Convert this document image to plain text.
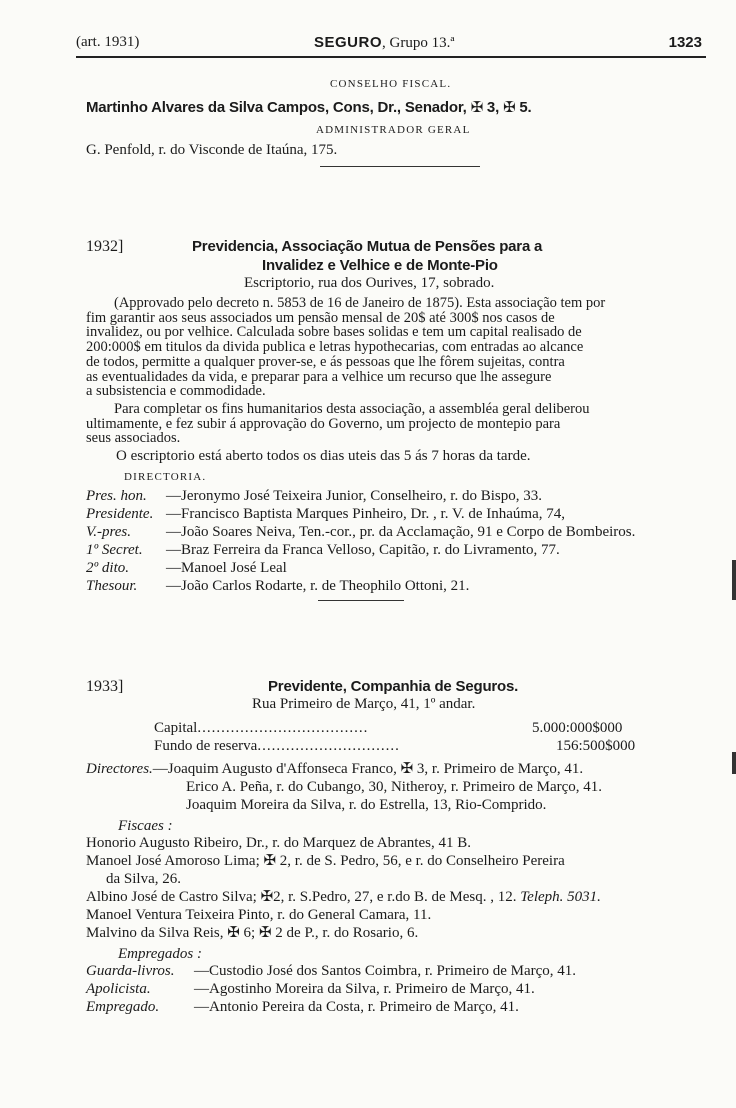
(art. 1931)	SEGURO, Grupo 13.ª	1323
CONSELHO FISCAL.
Martinho Alvares da Silva Campos, Cons, Dr., Senador, ✠ 3, ✠ 5.
ADMINISTRADOR GERAL
G. Penfold, r. do Visconde de Itaúna, 175.
1932]	Previdencia, Associação Mutua de Pensões para a
Invalidez e Velhice e de Monte-Pio
Escriptorio, rua dos Ourives, 17, sobrado.
(Approvado pelo decreto n. 5853 de 16 de Janeiro de 1875). Esta associação tem por
fim garantir aos seus associados um pensão mensal de 20$ até 300$ nos casos de
invalidez, ou por velhice. Calculada sobre bases solidas e tem um capital realisado de
200:000$ em titulos da divida publica e letras hypothecarias, com entradas ao alcance
de todos, permitte a qualquer prover-se, e ás pessoas que lhe fôrem sujeitas, contra
as eventualidades da vida, e preparar para a velhice um recurso que lhe assegure
a subsistencia e commodidade.
Para completar os fins humanitarios desta associação, a assembléa geral deliberou
ultimamente, e fez subir á approvação do Governo, um projecto de montepio para
seus associados.
O escriptorio está aberto todos os dias uteis das 5 ás 7 horas da tarde.
DIRECTORIA.
Pres. hon. —Jeronymo José Teixeira Junior, Conselheiro, r. do Bispo, 33.
Presidente. —Francisco Baptista Marques Pinheiro, Dr. , r. V. de Inhaúma, 74,
V.-pres. —João Soares Neiva, Ten.-cor., pr. da Acclamação, 91 e Corpo de Bombeiros.
1º Secret. —Braz Ferreira da Franca Velloso, Capitão, r. do Livramento, 77.
2º dito. —Manoel José Leal
Thesour. —João Carlos Rodarte, r. de Theophilo Ottoni, 21.
1933]	Previdente, Companhia de Seguros.
Rua Primeiro de Março, 41, 1º andar.
Capital....................................	5.000:000$000
Fundo de reserva..............................	156:500$000
Directores.—Joaquim Augusto d'Affonseca Franco, ✠ 3, r. Primeiro de Março, 41.
Erico A. Peña, r. do Cubango, 30, Nitheroy, r. Primeiro de Março, 41.
Joaquim Moreira da Silva, r. do Estrella, 13, Rio-Comprido.
Fiscaes :
Honorio Augusto Ribeiro, Dr., r. do Marquez de Abrantes, 41 B.
Manoel José Amoroso Lima; ✠ 2, r. de S. Pedro, 56, e r. do Conselheiro Pereira
da Silva, 26.
Albino José de Castro Silva; ✠2, r. S.Pedro, 27, e r.do B. de Mesq. , 12. Teleph. 5031.
Manoel Ventura Teixeira Pinto, r. do General Camara, 11.
Malvino da Silva Reis, ✠ 6; ✠ 2 de P., r. do Rosario, 6.
Empregados :
Guarda-livros. —Custodio José dos Santos Coimbra, r. Primeiro de Março, 41.
Apolicista.	—Agostinho Moreira da Silva, r. Primeiro de Março, 41.
Empregado. —Antonio Pereira da Costa, r. Primeiro de Março, 41.
